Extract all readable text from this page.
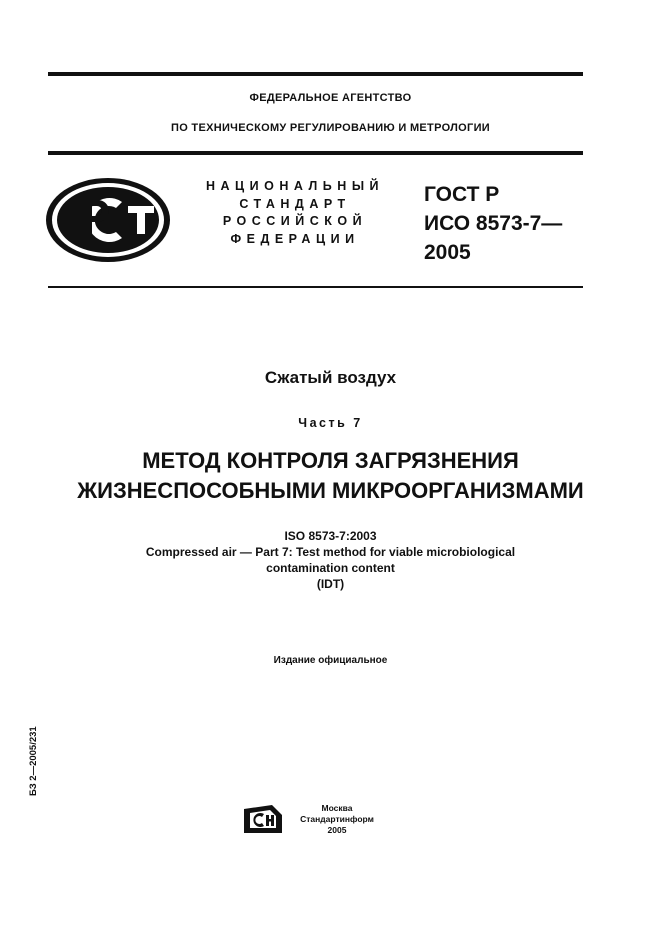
ФЕДЕРАЛЬНОЕ АГЕНТСТВО
ПО ТЕХНИЧЕСКОМУ РЕГУЛИРОВАНИЮ И МЕТРОЛОГИИ
НАЦИОНАЛЬНЫЙ
СТАНДАРТ
РОССИЙСКОЙ
ФЕДЕРАЦИИ
ГОСТ Р
ИСО 8573-7—
2005
Сжатый воздух
Часть 7
МЕТОД КОНТРОЛЯ ЗАГРЯЗНЕНИЯ
ЖИЗНЕСПОСОБНЫМИ МИКРООРГАНИЗМАМИ
ISO 8573-7:2003
Compressed air — Part 7: Test method for viable microbiological
contamination content
(IDT)
Издание официальное
БЗ 2—2005/231
Москва
Стандартинформ
2005
